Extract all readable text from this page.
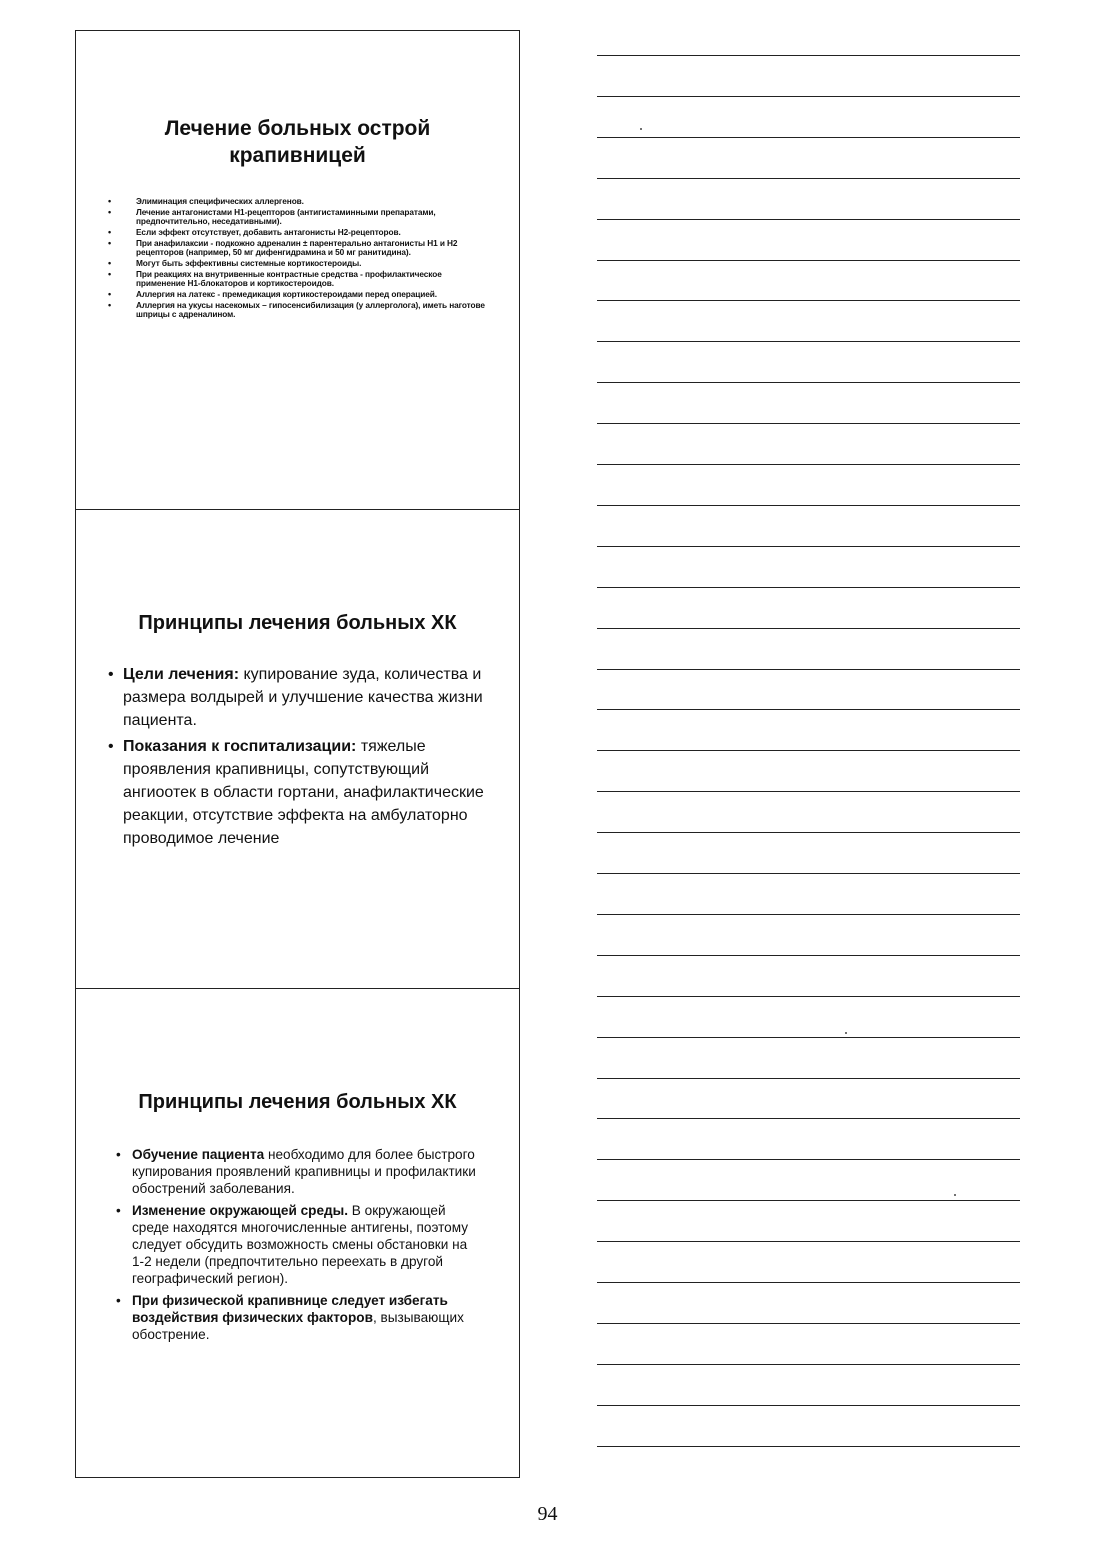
Лечение больных острой крапивницей
•	Элиминация специфических аллергенов.
•	Лечение антагонистами Н1-рецепторов (антигистаминными препаратами, предпочтительно, неседативными).
•	Если эффект отсутствует, добавить антагонисты Н2-рецепторов.
•	При анафилаксии - подкожно адреналин ± парентерально антагонисты Н1 и Н2 рецепторов (например, 50 мг дифенгидрамина и 50 мг ранитидина).
•	Могут быть эффективны системные кортикостероиды.
•	При реакциях на внутривенные контрастные средства - профилактическое применение Н1-блокаторов и кортикостероидов.
•	Аллергия на латекс - премедикация кортикостероидами перед операцией.
•	Аллергия на укусы насекомых – гипосенсибилизация (у аллерголога), иметь наготове шприцы с адреналином.
Принципы лечения больных ХК
• Цели лечения: купирование зуда, количества и размера волдырей и улучшение качества жизни пациента.
• Показания к госпитализации: тяжелые проявления крапивницы, сопутствующий ангиоотек в области гортани, анафилактические реакции, отсутствие эффекта на амбулаторно проводимое лечение
Принципы лечения больных ХК
• Обучение пациента необходимо для более быстрого купирования проявлений крапивницы и профилактики обострений заболевания.
• Изменение окружающей среды. В окружающей среде находятся многочисленные антигены, поэтому следует обсудить возможность смены обстановки на 1-2 недели (предпочтительно переехать в другой географический регион).
• При физической крапивнице следует избегать воздействия физических факторов, вызывающих обострение.
94
